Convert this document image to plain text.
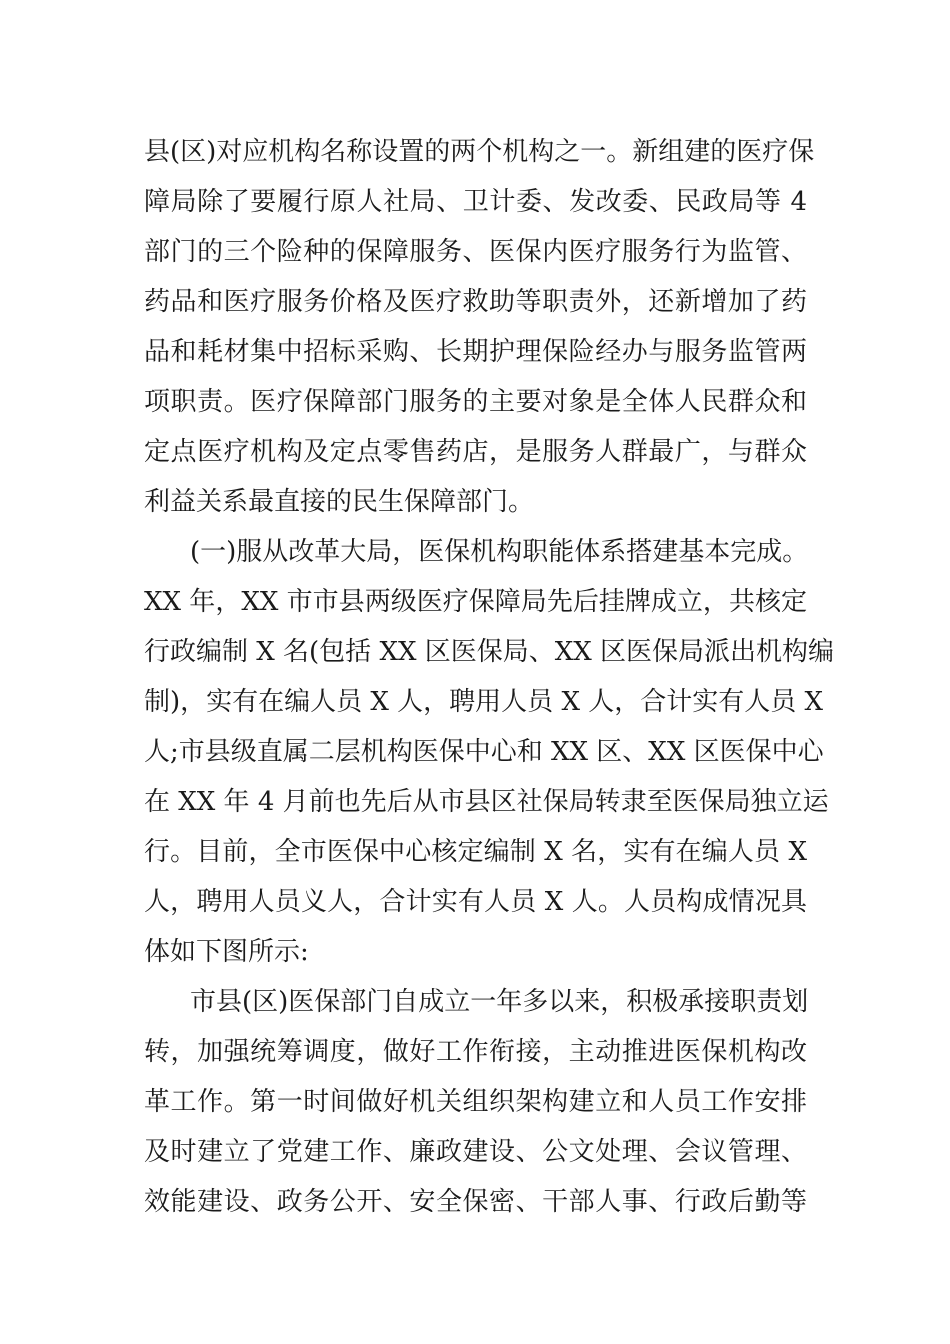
县(区)对应机构名称设置的两个机构之一。新组建的医疗保
障局除了要履行原人社局、卫计委、发改委、民政局等 4
部门的三个险种的保障服务、医保内医疗服务行为监管、
药品和医疗服务价格及医疗救助等职责外，还新增加了药
品和耗材集中招标采购、长期护理保险经办与服务监管两
项职责。医疗保障部门服务的主要对象是全体人民群众和
定点医疗机构及定点零售药店，是服务人群最广，与群众
利益关系最直接的民生保障部门。
(一)服从改革大局，医保机构职能体系搭建基本完成。
XX 年，XX 市市县两级医疗保障局先后挂牌成立，共核定
行政编制 X 名(包括 XX 区医保局、XX 区医保局派出机构编
制)，实有在编人员 X 人，聘用人员 X 人，合计实有人员 X
人;市县级直属二层机构医保中心和 XX 区、XX 区医保中心
在 XX 年 4 月前也先后从市县区社保局转隶至医保局独立运
行。目前，全市医保中心核定编制 X 名，实有在编人员 X
人，聘用人员义人，合计实有人员 X 人。人员构成情况具
体如下图所示:
市县(区)医保部门自成立一年多以来，积极承接职责划
转，加强统筹调度，做好工作衔接，主动推进医保机构改
革工作。第一时间做好机关组织架构建立和人员工作安排
及时建立了党建工作、廉政建设、公文处理、会议管理、
效能建设、政务公开、安全保密、干部人事、行政后勤等
